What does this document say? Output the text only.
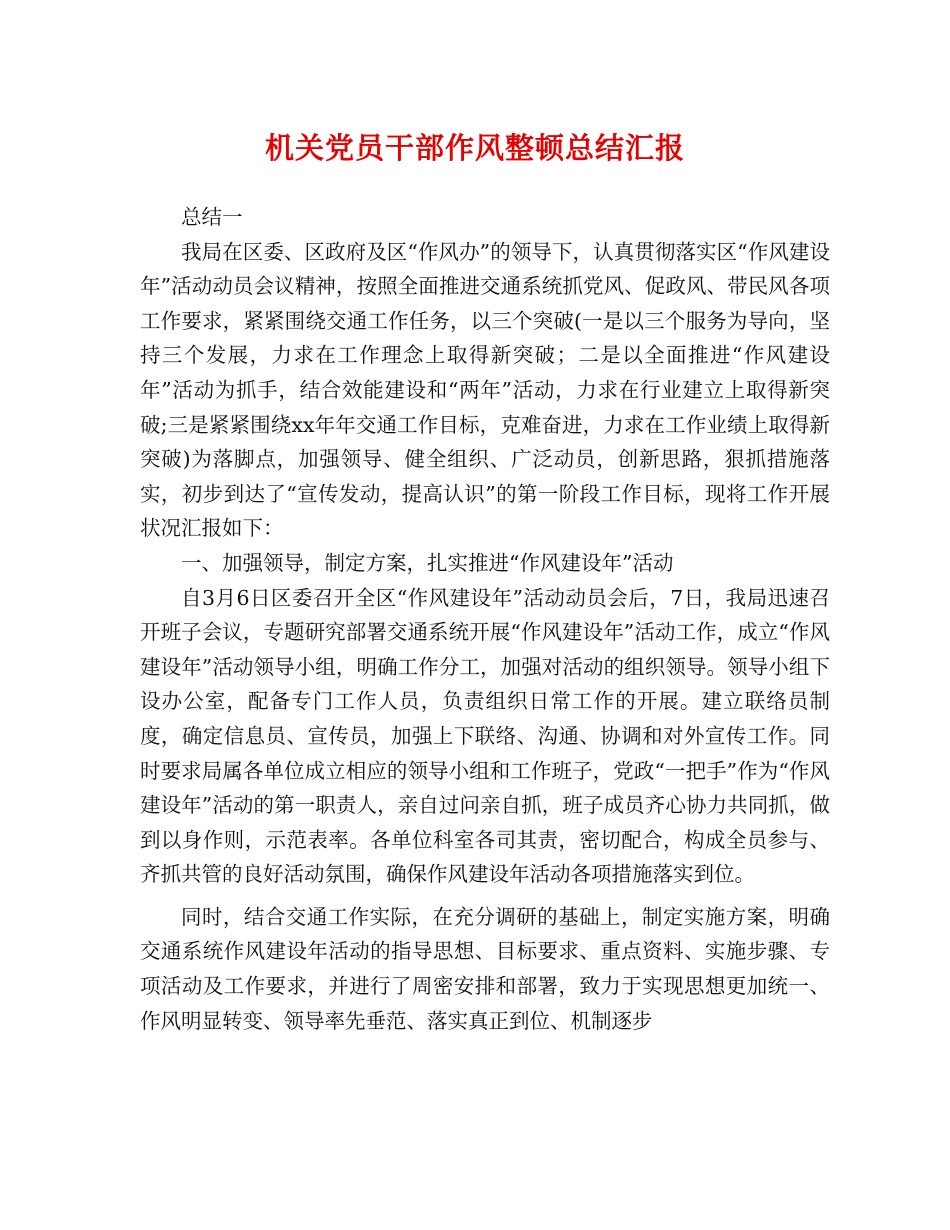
机关党员干部作风整顿总结汇报

总结一

我局在区委、区政府及区“作风办”的领导下，认真贯彻落实区“作风建设年”活动动员会议精神，按照全面推进交通系统抓党风、促政风、带民风各项工作要求，紧紧围绕交通工作任务，以三个突破(一是以三个服务为导向，坚持三个发展，力求在工作理念上取得新突破；二是以全面推进“作风建设年”活动为抓手，结合效能建设和“两年”活动，力求在行业建立上取得新突破;三是紧紧围绕xx年年交通工作目标，克难奋进，力求在工作业绩上取得新突破)为落脚点，加强领导、健全组织、广泛动员，创新思路，狠抓措施落实，初步到达了“宣传发动，提高认识”的第一阶段工作目标，现将工作开展状况汇报如下：

一、加强领导，制定方案，扎实推进“作风建设年”活动

自3月6日区委召开全区“作风建设年”活动动员会后，7日，我局迅速召开班子会议，专题研究部署交通系统开展“作风建设年”活动工作，成立“作风建设年”活动领导小组，明确工作分工，加强对活动的组织领导。领导小组下设办公室，配备专门工作人员，负责组织日常工作的开展。建立联络员制度，确定信息员、宣传员，加强上下联络、沟通、协调和对外宣传工作。同时要求局属各单位成立相应的领导小组和工作班子，党政“一把手”作为“作风建设年”活动的第一职责人，亲自过问亲自抓，班子成员齐心协力共同抓，做到以身作则，示范表率。各单位科室各司其责，密切配合，构成全员参与、齐抓共管的良好活动氛围，确保作风建设年活动各项措施落实到位。

同时，结合交通工作实际，在充分调研的基础上，制定实施方案，明确交通系统作风建设年活动的指导思想、目标要求、重点资料、实施步骤、专项活动及工作要求，并进行了周密安排和部署，致力于实现思想更加统一、作风明显转变、领导率先垂范、落实真正到位、机制逐步
